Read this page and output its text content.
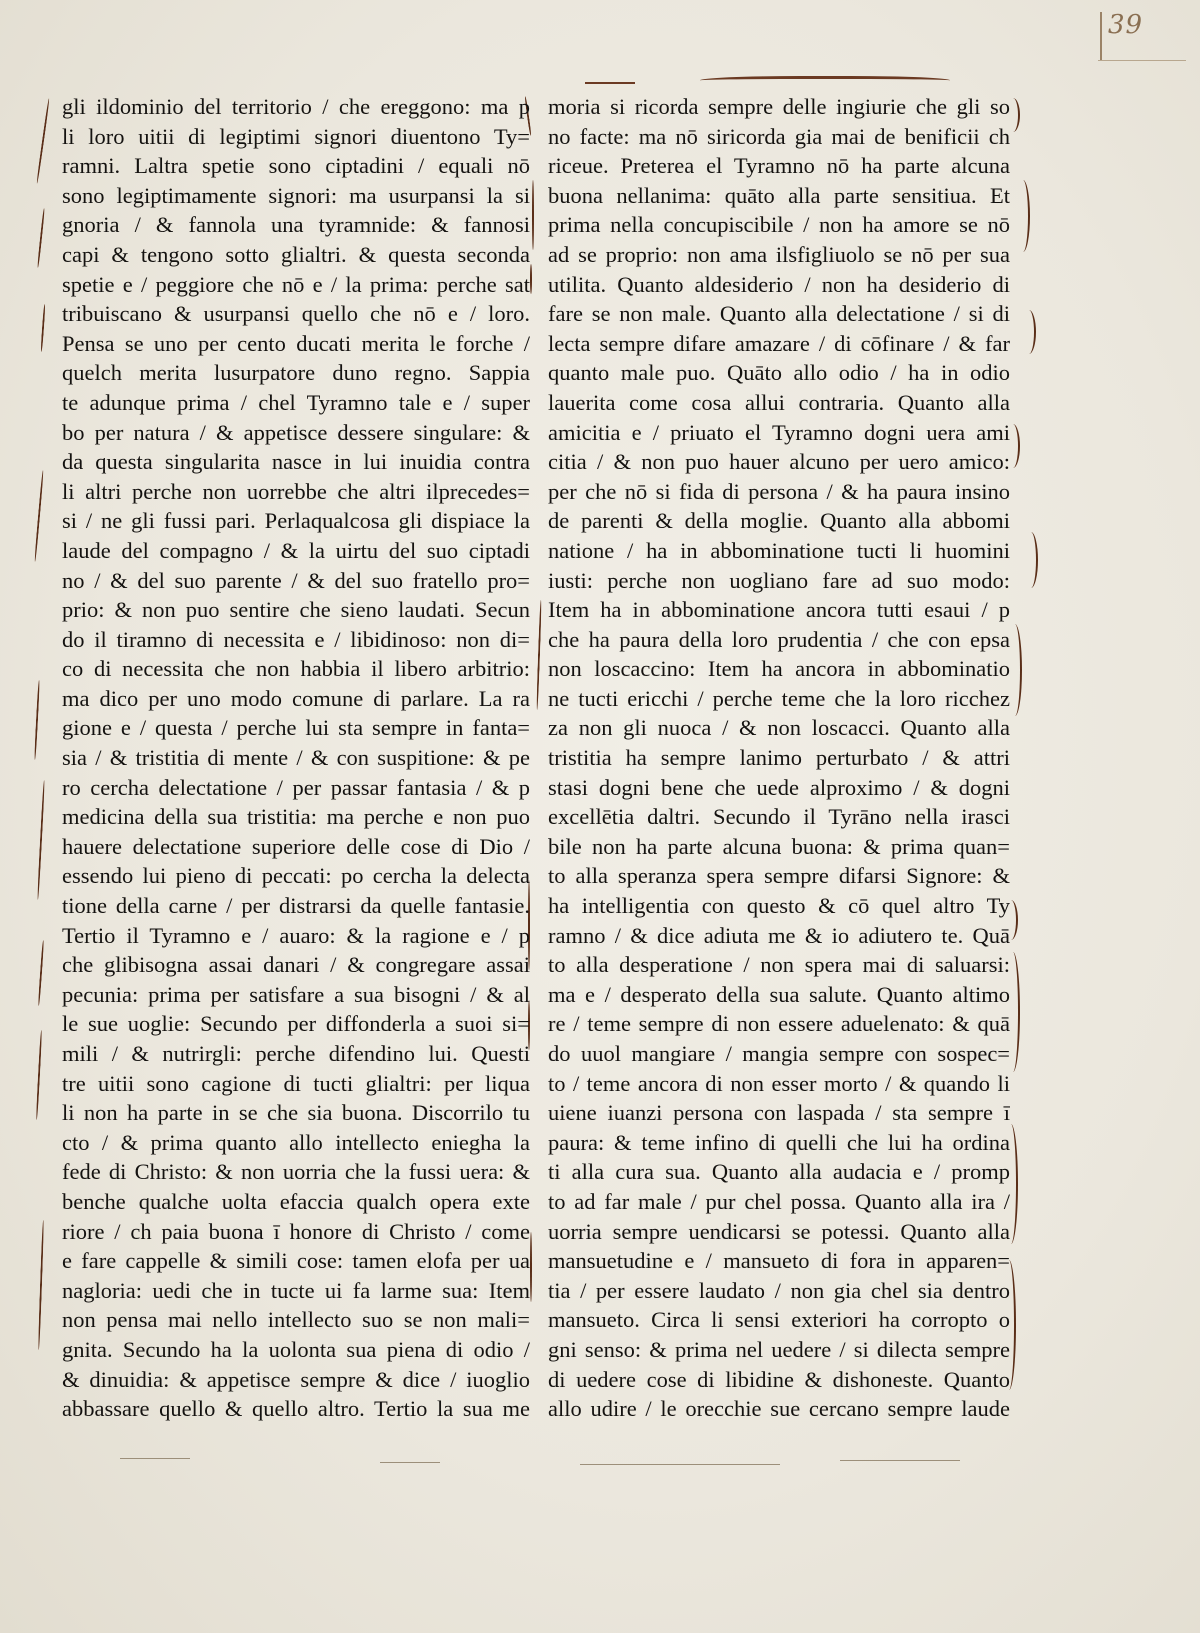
39
gli ildominio del territorio / che ereggono: ma p
li loro uitii di legiptimi signori diuentono Ty=
ramni. Laltra spetie sono ciptadini / equali nō
sono legiptimamente signori: ma usurpansi la si
gnoria / & fannola una tyramnide: & fannosi
capi & tengono sotto glialtri. & questa seconda
spetie e / peggiore che nō e / la prima: perche sat
tribuiscano & usurpansi quello che nō e / loro.
Pensa se uno per cento ducati merita le forche /
quelch merita lusurpatore duno regno. Sappia
te adunque prima / chel Tyramno tale e / super
bo per natura / & appetisce dessere singulare: &
da questa singularita nasce in lui inuidia contra
li altri perche non uorrebbe che altri ilprecedes=
si / ne gli fussi pari. Perlaqualcosa gli dispiace la
laude del compagno / & la uirtu del suo ciptadi
no / & del suo parente / & del suo fratello pro=
prio: & non puo sentire che sieno laudati. Secun
do il tiramno di necessita e / libidinoso: non di=
co di necessita che non habbia il libero arbitrio:
ma dico per uno modo comune di parlare. La ra
gione e / questa / perche lui sta sempre in fanta=
sia / & tristitia di mente / & con suspitione: & pe
ro cercha delectatione / per passar fantasia / & p
medicina della sua tristitia: ma perche e non puo
hauere delectatione superiore delle cose di Dio /
essendo lui pieno di peccati: po cercha la delecta
tione della carne / per distrarsi da quelle fantasie.
Tertio il Tyramno e / auaro: & la ragione e / p
che glibisogna assai danari / & congregare assai
pecunia: prima per satisfare a sua bisogni / & al
le sue uoglie: Secundo per diffonderla a suoi si=
mili / & nutrirgli: perche difendino lui. Questi
tre uitii sono cagione di tucti glialtri: per liqua
li non ha parte in se che sia buona. Discorrilo tu
cto / & prima quanto allo intellecto eniegha la
fede di Christo: & non uorria che la fussi uera: &
benche qualche uolta efaccia qualch opera exte
riore / ch paia buona ī honore di Christo / come
e fare cappelle & simili cose: tamen elofa per ua
nagloria: uedi che in tucte ui fa larme sua: Item
non pensa mai nello intellecto suo se non mali=
gnita. Secundo ha la uolonta sua piena di odio /
& dinuidia: & appetisce sempre & dice / iuoglio
abbassare quello & quello altro. Tertio la sua me
moria si ricorda sempre delle ingiurie che gli so
no facte: ma nō siricorda gia mai de benificii ch
riceue. Preterea el Tyramno nō ha parte alcuna
buona nellanima: quāto alla parte sensitiua. Et
prima nella concupiscibile / non ha amore se nō
ad se proprio: non ama ilsfigliuolo se nō per sua
utilita. Quanto aldesiderio / non ha desiderio di
fare se non male. Quanto alla delectatione / si di
lecta sempre difare amazare / di cōfinare / & far
quanto male puo. Quāto allo odio / ha in odio
lauerita come cosa allui contraria. Quanto alla
amicitia e / priuato el Tyramno dogni uera ami
citia / & non puo hauer alcuno per uero amico:
per che nō si fida di persona / & ha paura insino
de parenti & della moglie. Quanto alla abbomi
natione / ha in abbominatione tucti li huomini
iusti: perche non uogliano fare ad suo modo:
Item ha in abbominatione ancora tutti esaui / p
che ha paura della loro prudentia / che con epsa
non loscaccino: Item ha ancora in abbominatio
ne tucti ericchi / perche teme che la loro ricchez
za non gli nuoca / & non loscacci. Quanto alla
tristitia ha sempre lanimo perturbato / & attri
stasi dogni bene che uede alproximo / & dogni
excellētia daltri. Secundo il Tyrāno nella irasci
bile non ha parte alcuna buona: & prima quan=
to alla speranza spera sempre difarsi Signore: &
ha intelligentia con questo & cō quel altro Ty
ramno / & dice adiuta me & io adiutero te. Quā
to alla desperatione / non spera mai di saluarsi:
ma e / desperato della sua salute. Quanto altimo
re / teme sempre di non essere aduelenato: & quā
do uuol mangiare / mangia sempre con sospec=
to / teme ancora di non esser morto / & quando li
uiene iuanzi persona con laspada / sta sempre ī
paura: & teme infino di quelli che lui ha ordina
ti alla cura sua. Quanto alla audacia e / promp
to ad far male / pur chel possa. Quanto alla ira /
uorria sempre uendicarsi se potessi. Quanto alla
mansuetudine e / mansueto di fora in apparen=
tia / per essere laudato / non gia chel sia dentro
mansueto. Circa li sensi exteriori ha corropto o
gni senso: & prima nel uedere / si dilecta sempre
di uedere cose di libidine & dishoneste. Quanto
allo udire / le orecchie sue cercano sempre laude
